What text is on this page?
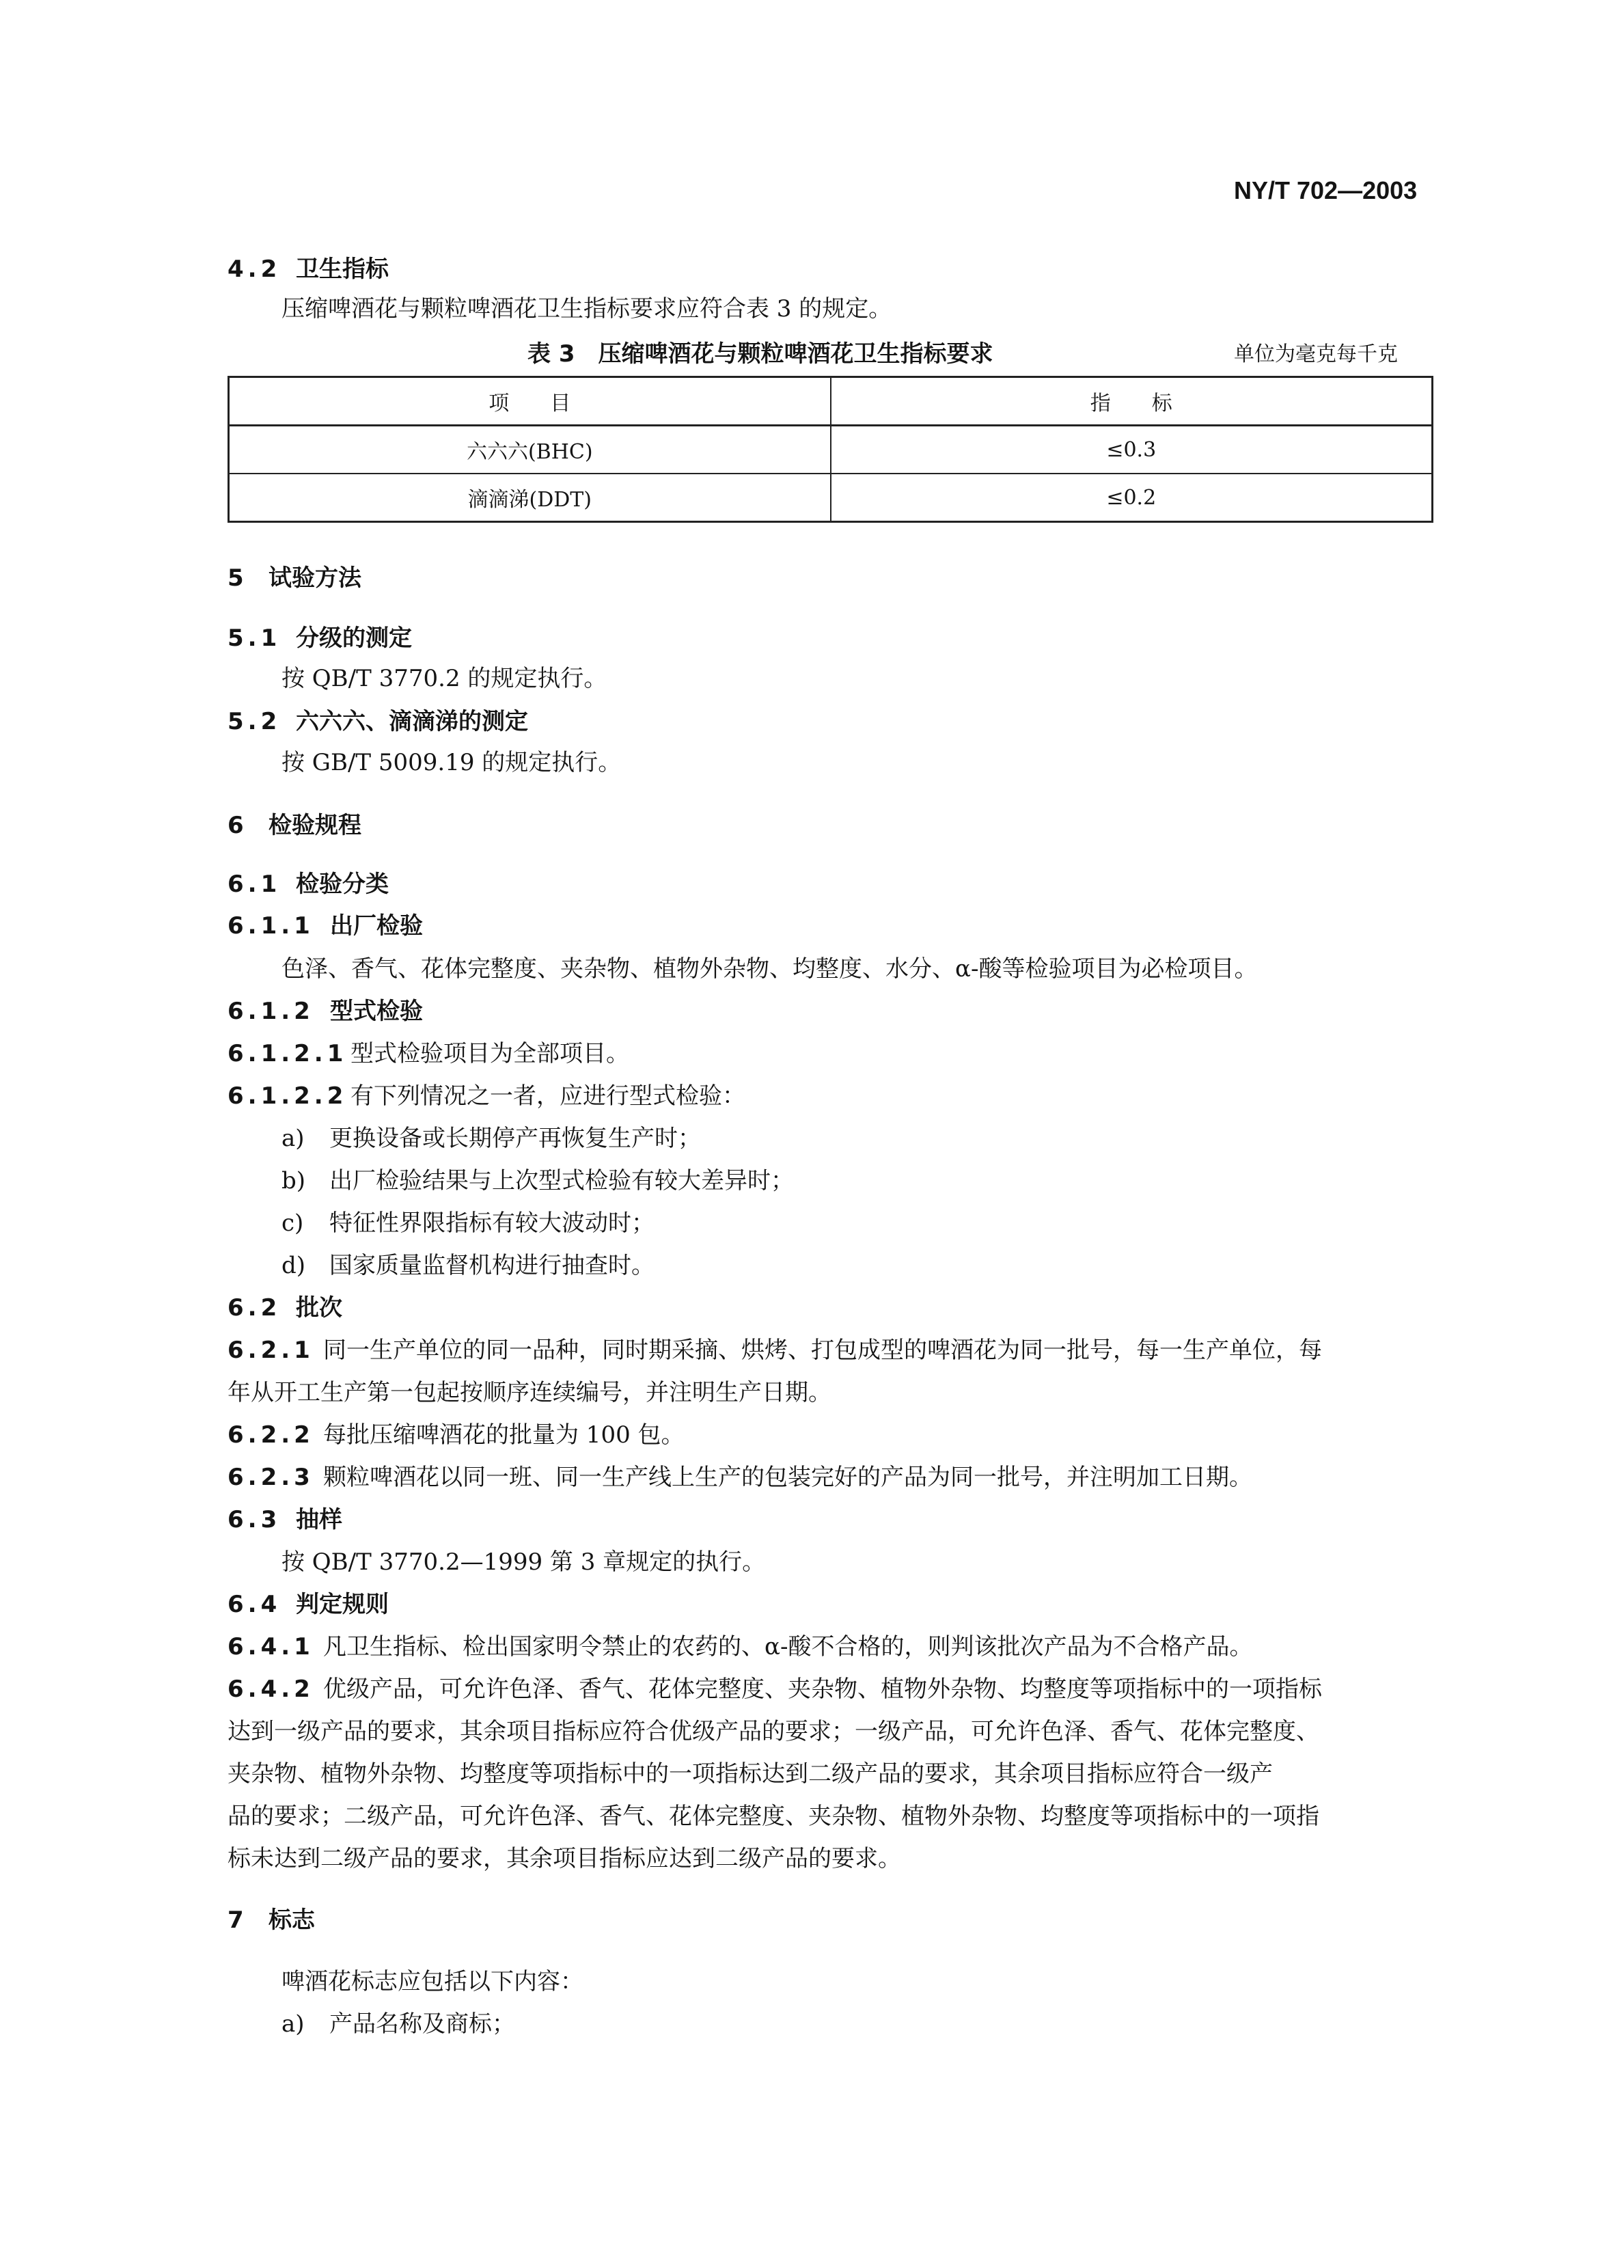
NY/T 702—2003
4.2 卫生指标
压缩啤酒花与颗粒啤酒花卫生指标要求应符合表 3 的规定。
表 3　压缩啤酒花与颗粒啤酒花卫生指标要求	单位为毫克每千克
项　　目	指　　标
六六六(BHC)	≤0.3
滴滴涕(DDT)	≤0.2
5 试验方法
5.1 分级的测定
按 QB/T 3770.2 的规定执行。
5.2 六六六、滴滴涕的测定
按 GB/T 5009.19 的规定执行。
6 检验规程
6.1 检验分类
6.1.1 出厂检验
色泽、香气、花体完整度、夹杂物、植物外杂物、均整度、水分、α-酸等检验项目为必检项目。
6.1.2 型式检验
6.1.2.1 型式检验项目为全部项目。
6.1.2.2 有下列情况之一者，应进行型式检验：
a) 更换设备或长期停产再恢复生产时；
b) 出厂检验结果与上次型式检验有较大差异时；
c) 特征性界限指标有较大波动时；
d) 国家质量监督机构进行抽查时。
6.2 批次
6.2.1 同一生产单位的同一品种，同时期采摘、烘烤、打包成型的啤酒花为同一批号，每一生产单位，每
年从开工生产第一包起按顺序连续编号，并注明生产日期。
6.2.2 每批压缩啤酒花的批量为 100 包。
6.2.3 颗粒啤酒花以同一班、同一生产线上生产的包装完好的产品为同一批号，并注明加工日期。
6.3 抽样
按 QB/T 3770.2—1999 第 3 章规定的执行。
6.4 判定规则
6.4.1 凡卫生指标、检出国家明令禁止的农药的、α-酸不合格的，则判该批次产品为不合格产品。
6.4.2 优级产品，可允许色泽、香气、花体完整度、夹杂物、植物外杂物、均整度等项指标中的一项指标
达到一级产品的要求，其余项目指标应符合优级产品的要求；一级产品，可允许色泽、香气、花体完整度、
夹杂物、植物外杂物、均整度等项指标中的一项指标达到二级产品的要求，其余项目指标应符合一级产
品的要求；二级产品，可允许色泽、香气、花体完整度、夹杂物、植物外杂物、均整度等项指标中的一项指
标未达到二级产品的要求，其余项目指标应达到二级产品的要求。
7 标志
啤酒花标志应包括以下内容：
a) 产品名称及商标；
